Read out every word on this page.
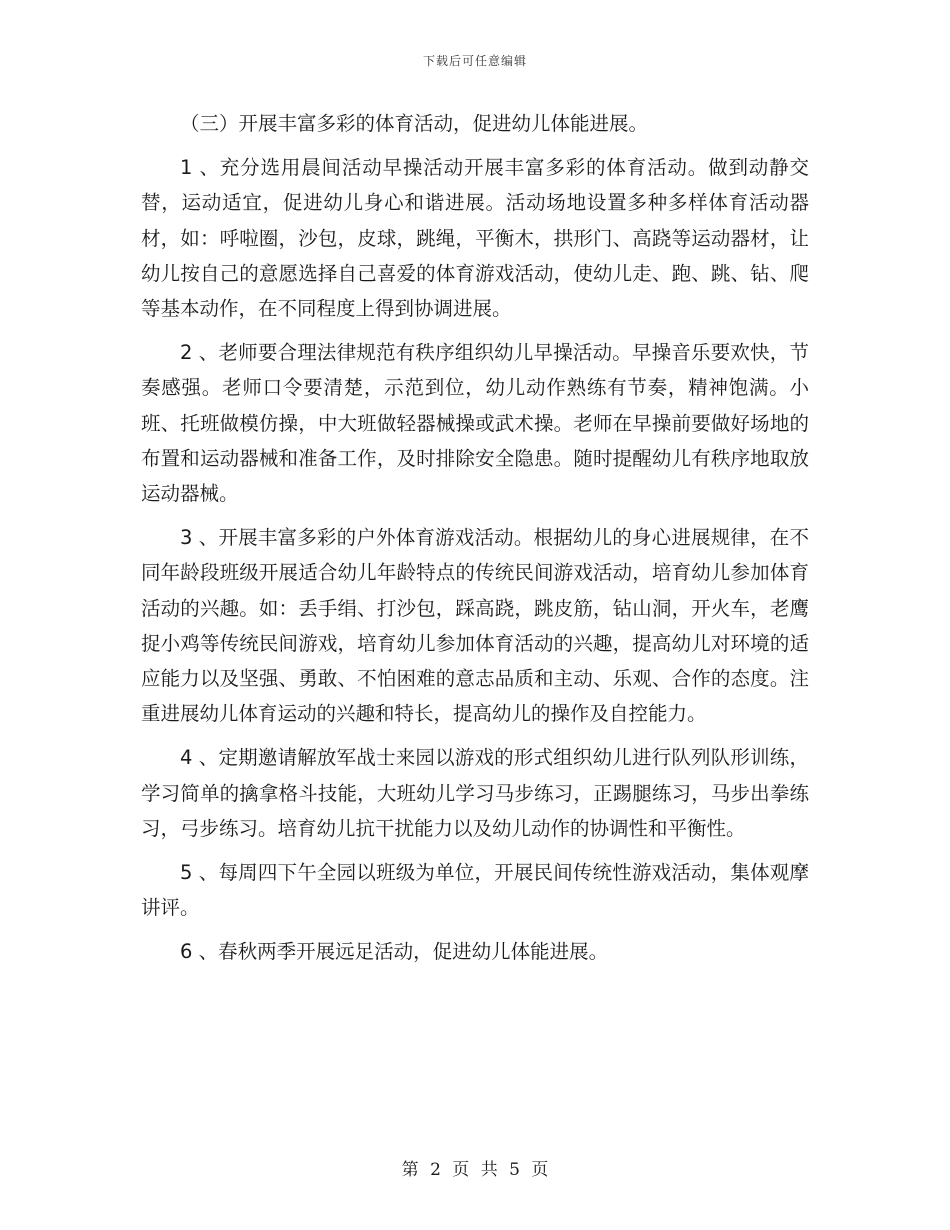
下载后可任意编辑

（三）开展丰富多彩的体育活动，促进幼儿体能进展。

1 、充分选用晨间活动早操活动开展丰富多彩的体育活动。做到动静交替，运动适宜，促进幼儿身心和谐进展。活动场地设置多种多样体育活动器材，如：呼啦圈，沙包，皮球，跳绳，平衡木，拱形门、高跷等运动器材，让幼儿按自己的意愿选择自己喜爱的体育游戏活动，使幼儿走、跑、跳、钻、爬等基本动作，在不同程度上得到协调进展。

2 、老师要合理法律规范有秩序组织幼儿早操活动。早操音乐要欢快，节奏感强。老师口令要清楚，示范到位，幼儿动作熟练有节奏，精神饱满。小班、托班做模仿操，中大班做轻器械操或武术操。老师在早操前要做好场地的布置和运动器械和准备工作，及时排除安全隐患。随时提醒幼儿有秩序地取放运动器械。

3 、开展丰富多彩的户外体育游戏活动。根据幼儿的身心进展规律，在不同年龄段班级开展适合幼儿年龄特点的传统民间游戏活动，培育幼儿参加体育活动的兴趣。如：丢手绢、打沙包，踩高跷，跳皮筋，钻山洞，开火车，老鹰捉小鸡等传统民间游戏，培育幼儿参加体育活动的兴趣，提高幼儿对环境的适应能力以及坚强、勇敢、不怕困难的意志品质和主动、乐观、合作的态度。注重进展幼儿体育运动的兴趣和特长，提高幼儿的操作及自控能力。

4 、定期邀请解放军战士来园以游戏的形式组织幼儿进行队列队形训练，学习简单的擒拿格斗技能，大班幼儿学习马步练习，正踢腿练习，马步出拳练习，弓步练习。培育幼儿抗干扰能力以及幼儿动作的协调性和平衡性。

5 、每周四下午全园以班级为单位，开展民间传统性游戏活动，集体观摩讲评。

6 、春秋两季开展远足活动，促进幼儿体能进展。

第 2 页 共 5 页
